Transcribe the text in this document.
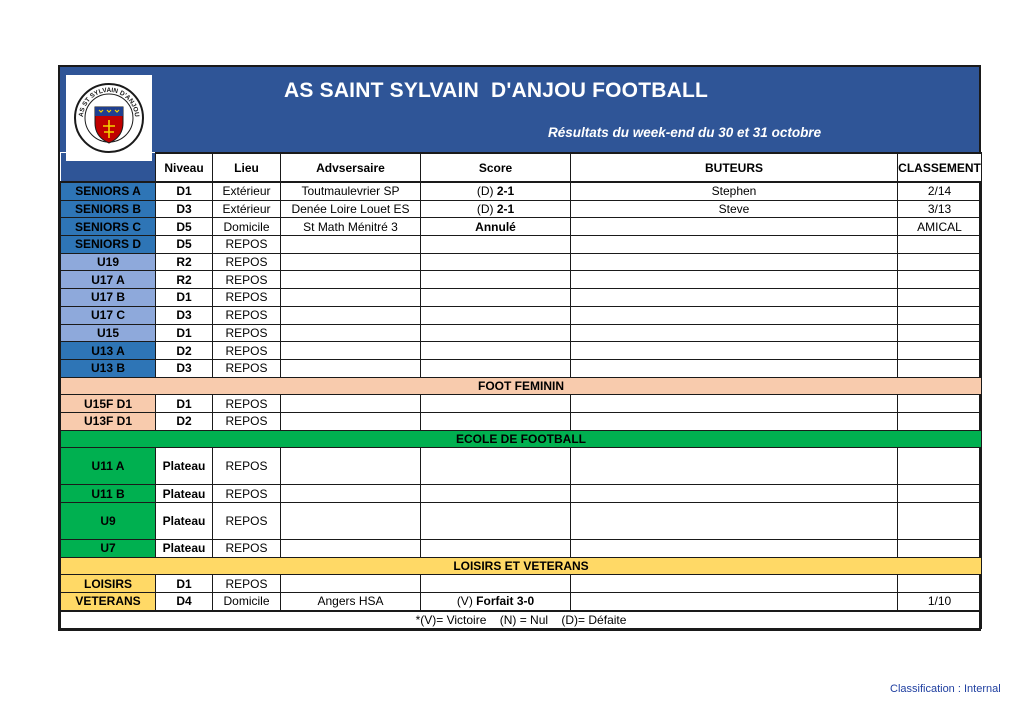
AS ST SYLVAIN D'ANJOU
AS SAINT SYLVAIN  D'ANJOU FOOTBALL
Résultats du week-end du 30 et 31 octobre
	Niveau	Lieu	Advsersaire	Score	BUTEURS	CLASSEMENT
SENIORS A	D1	Extérieur	Toutmaulevrier SP	(D) 2-1	Stephen	2/14
SENIORS B	D3	Extérieur	Denée Loire Louet ES	(D) 2-1	Steve	3/13
SENIORS C	D5	Domicile	St Math Ménitré 3	Annulé		AMICAL
SENIORS D	D5	REPOS				
U19	R2	REPOS				
U17 A	R2	REPOS				
U17 B	D1	REPOS				
U17 C	D3	REPOS				
U15	D1	REPOS				
U13 A	D2	REPOS				
U13 B	D3	REPOS				
FOOT FEMININ						
U15F D1	D1	REPOS				
U13F D1	D2	REPOS				
ECOLE DE FOOTBALL						
U11 A	Plateau	REPOS				
U11 B	Plateau	REPOS				
U9	Plateau	REPOS				
U7	Plateau	REPOS				
LOISIRS ET VETERANS						
LOISIRS	D1	REPOS				
VETERANS	D4	Domicile	Angers HSA	(V) Forfait 3-0		1/10
*(V)= Victoire    (N) = Nul    (D)= Défaite						
Classification : Internal
